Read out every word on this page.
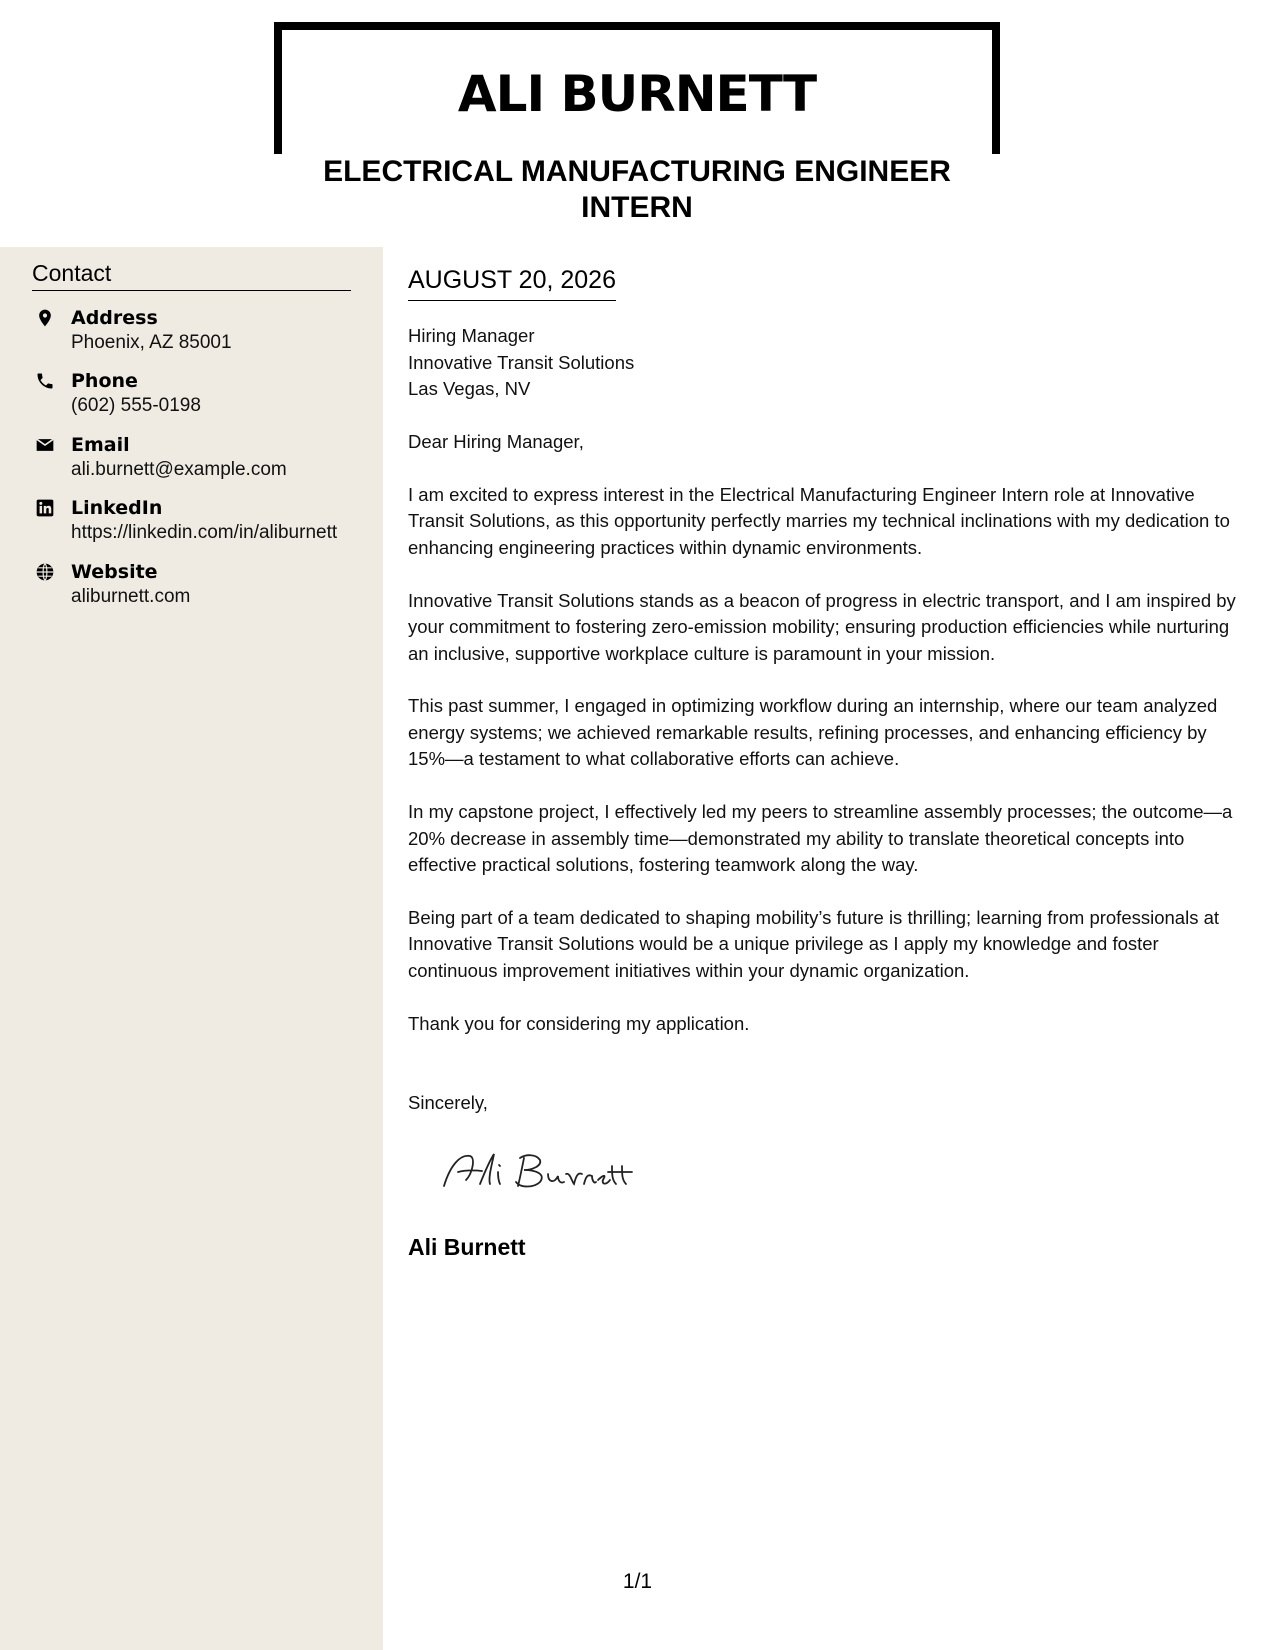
ALI BURNETT
ELECTRICAL MANUFACTURING ENGINEER INTERN
Contact
Address
Phoenix, AZ 85001
Phone
(602) 555-0198
Email
ali.burnett@example.com
LinkedIn
https://linkedin.com/in/aliburnett
Website
aliburnett.com
AUGUST 20, 2026
Hiring Manager
Innovative Transit Solutions
Las Vegas, NV
Dear Hiring Manager,

I am excited to express interest in the Electrical Manufacturing Engineer Intern role at Innovative Transit Solutions, as this opportunity perfectly marries my technical inclinations with my dedication to enhancing engineering practices within dynamic environments.

Innovative Transit Solutions stands as a beacon of progress in electric transport, and I am inspired by your commitment to fostering zero-emission mobility; ensuring production efficiencies while nurturing an inclusive, supportive workplace culture is paramount in your mission.

This past summer, I engaged in optimizing workflow during an internship, where our team analyzed energy systems; we achieved remarkable results, refining processes, and enhancing efficiency by 15%—a testament to what collaborative efforts can achieve.

In my capstone project, I effectively led my peers to streamline assembly processes; the outcome—a 20% decrease in assembly time—demonstrated my ability to translate theoretical concepts into effective practical solutions, fostering teamwork along the way.

Being part of a team dedicated to shaping mobility’s future is thrilling; learning from professionals at Innovative Transit Solutions would be a unique privilege as I apply my knowledge and foster continuous improvement initiatives within your dynamic organization.

Thank you for considering my application.

Sincerely,
Ali Burnett
1/1
